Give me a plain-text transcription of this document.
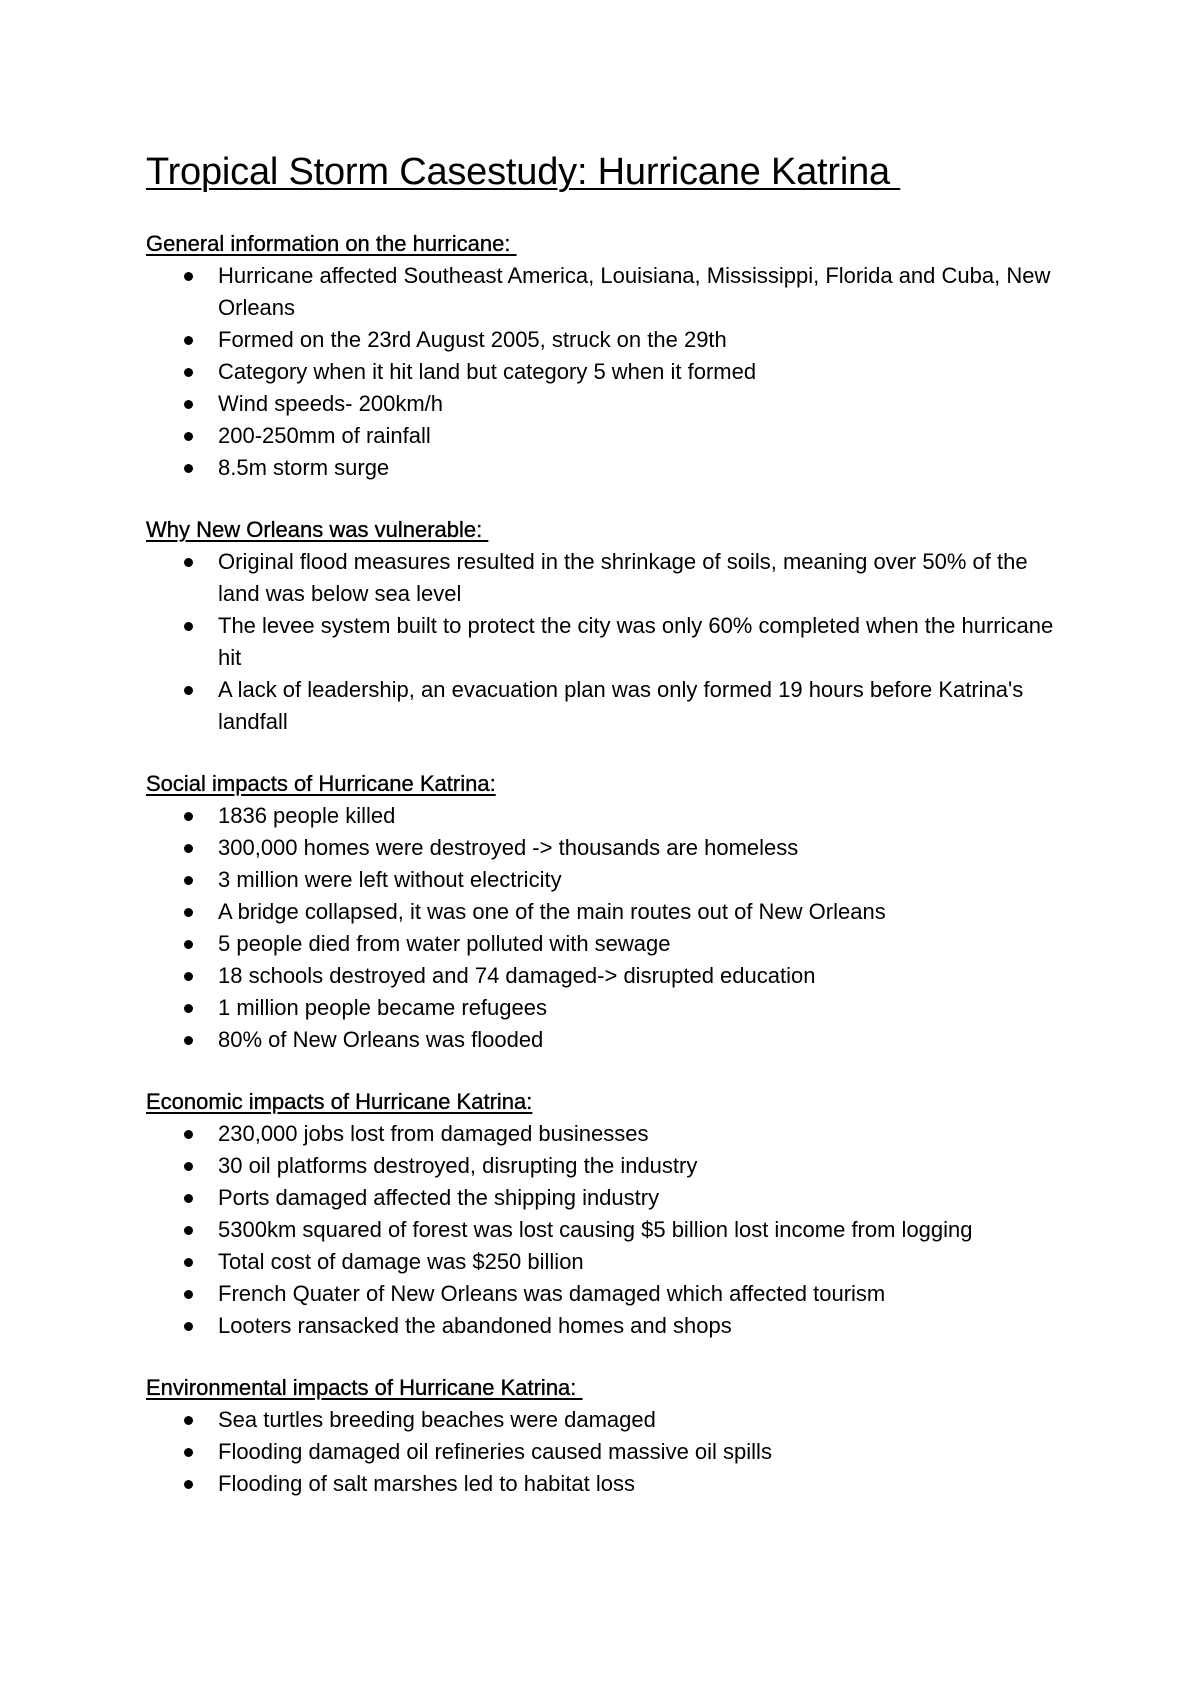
Tropical Storm Casestudy: Hurricane Katrina
General information on the hurricane:
Hurricane affected Southeast America, Louisiana, Mississippi, Florida and Cuba, New Orleans
Formed on the 23rd August 2005, struck on the 29th
Category when it hit land but category 5 when it formed
Wind speeds- 200km/h
200-250mm of rainfall
8.5m storm surge
Why New Orleans was vulnerable:
Original flood measures resulted in the shrinkage of soils, meaning over 50% of the land was below sea level
The levee system built to protect the city was only 60% completed when the hurricane hit
A lack of leadership, an evacuation plan was only formed 19 hours before Katrina's landfall
Social impacts of Hurricane Katrina:
1836 people killed
300,000 homes were destroyed -> thousands are homeless
3 million were left without electricity
A bridge collapsed, it was one of the main routes out of New Orleans
5 people died from water polluted with sewage
18 schools destroyed and 74 damaged-> disrupted education
1 million people became refugees
80% of New Orleans was flooded
Economic impacts of Hurricane Katrina:
230,000 jobs lost from damaged businesses
30 oil platforms destroyed, disrupting the industry
Ports damaged affected the shipping industry
5300km squared of forest was lost causing $5 billion lost income from logging
Total cost of damage was $250 billion
French Quater of New Orleans was damaged which affected tourism
Looters ransacked the abandoned homes and shops
Environmental impacts of Hurricane Katrina:
Sea turtles breeding beaches were damaged
Flooding damaged oil refineries caused massive oil spills
Flooding of salt marshes led to habitat loss
